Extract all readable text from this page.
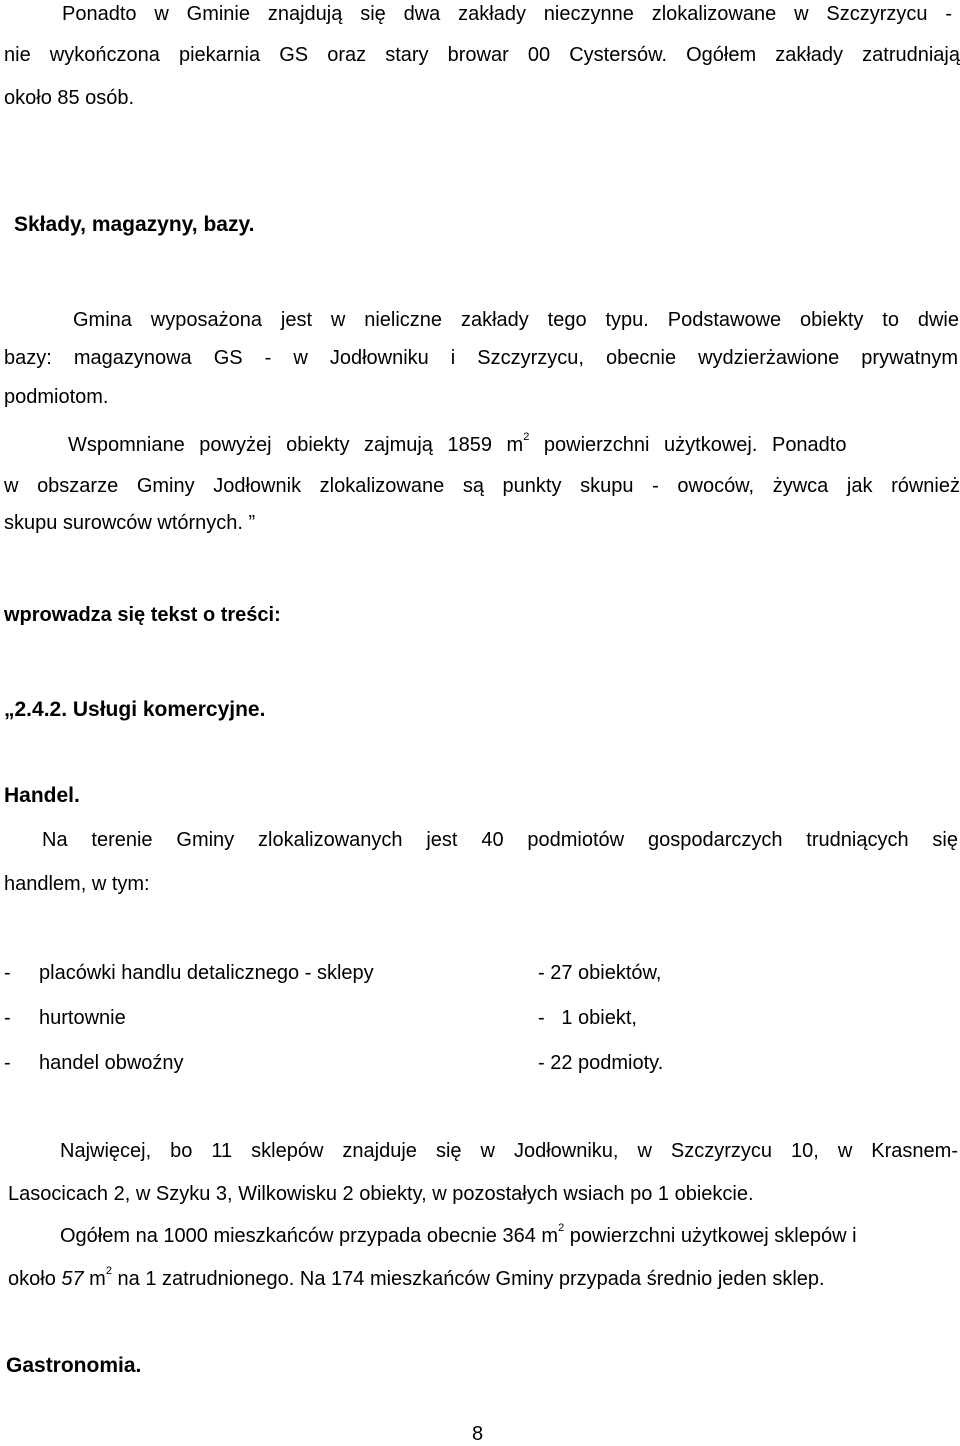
Ponadto w Gminie znajdują się dwa zakłady nieczynne zlokalizowane w Szczyrzycu -
nie wykończona piekarnia GS oraz stary browar 00 Cystersów. Ogółem zakłady zatrudniają
około 85 osób.
Składy, magazyny, bazy.
Gmina wyposażona jest w nieliczne zakłady tego typu. Podstawowe obiekty to dwie
bazy: magazynowa GS - w Jodłowniku i Szczyrzycu, obecnie wydzierżawione prywatnym
podmiotom.
Wspomniane powyżej obiekty zajmują 1859 $m^2$ powierzchni użytkowej. Ponadto
w obszarze Gminy Jodłownik zlokalizowane są punkty skupu - owoców, żywca jak również
skupu surowców wtórnych. ”
wprowadza się tekst o treści:
„2.4.2. Usługi komercyjne.
Handel.
Na terenie Gminy zlokalizowanych jest 40 podmiotów gospodarczych trudniących się
handlem, w tym:
- placówki handlu detalicznego - sklepy	- 27 obiektów,
- hurtownie	-   1 obiekt,
- handel obwoźny	- 22 podmioty.
Najwięcej, bo 11 sklepów znajduje się w Jodłowniku, w Szczyrzycu 10, w Krasnem-
Lasocicach 2, w Szyku 3, Wilkowisku 2 obiekty, w pozostałych wsiach po 1 obiekcie.
Ogółem na 1000 mieszkańców przypada obecnie 364 $m^2$ powierzchni użytkowej sklepów i
około 57 $m^2$ na 1 zatrudnionego. Na 174 mieszkańców Gminy przypada średnio jeden sklep.
Gastronomia.
8
